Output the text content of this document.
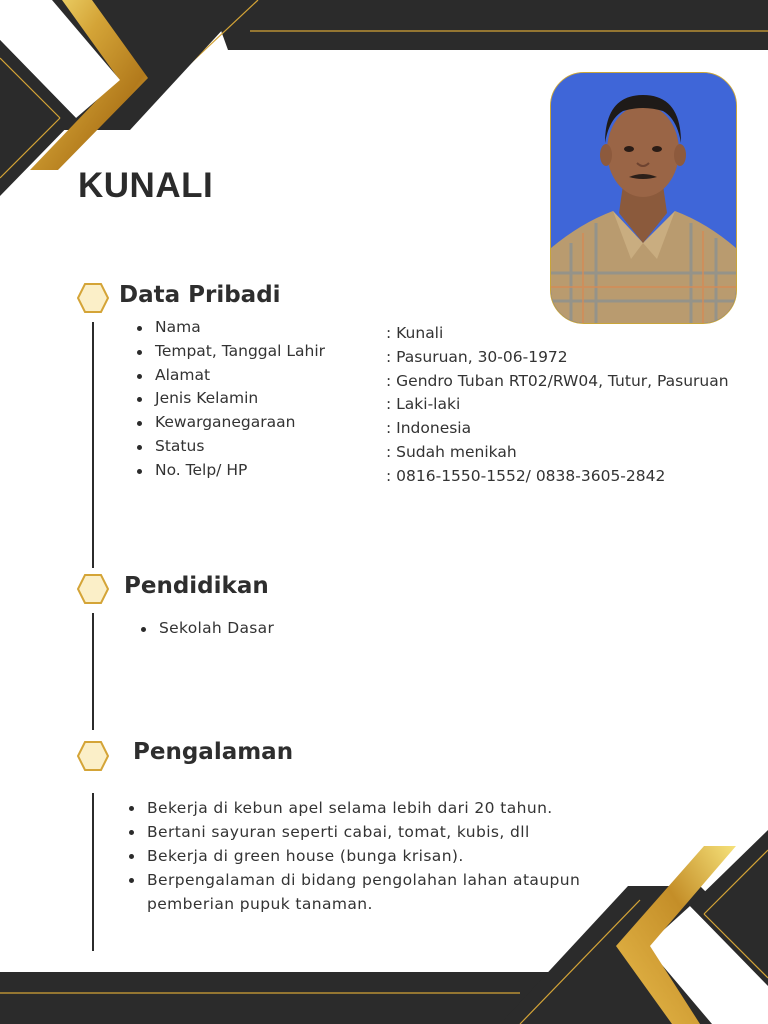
KUNALI
Data Pribadi
Nama
Tempat, Tanggal Lahir
Alamat
Jenis Kelamin
Kewarganegaraan
Status
No. Telp/ HP
: Kunali
: Pasuruan, 30-06-1972
: Gendro Tuban RT02/RW04, Tutur, Pasuruan
: Laki-laki
: Indonesia
: Sudah menikah
: 0816-1550-1552/ 0838-3605-2842
Pendidikan
Sekolah Dasar
Pengalaman
Bekerja di kebun apel selama lebih dari 20 tahun.
Bertani sayuran seperti cabai, tomat, kubis, dll
Bekerja di green house (bunga krisan).
Berpengalaman di bidang pengolahan lahan ataupun pemberian pupuk tanaman.
